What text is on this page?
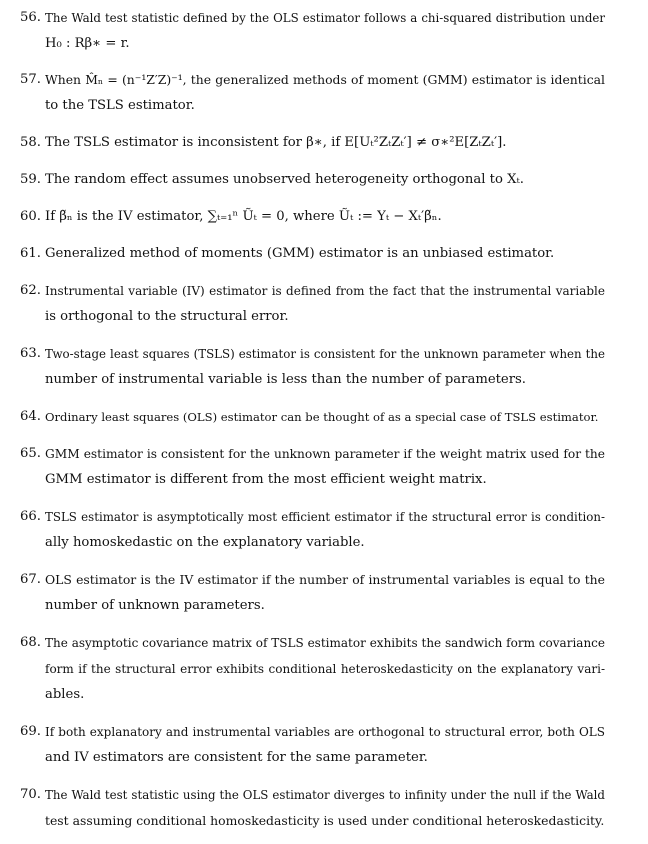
56. The Wald test statistic defined by the OLS estimator follows a chi-squared distribution under
H₀ : Rβ∗ = r.
57. When M̂ₙ = (n⁻¹Z′Z)⁻¹, the generalized methods of moment (GMM) estimator is identical
to the TSLS estimator.
58. The TSLS estimator is inconsistent for β∗, if E[Uₜ²ZₜZₜ′] ≠ σ∗²E[ZₜZₜ′].
59. The random effect assumes unobserved heterogeneity orthogonal to Xₜ.
60. If β̃ₙ is the IV estimator, ∑ₜ₌₁ⁿ Ũₜ = 0, where Ũₜ := Yₜ − Xₜ′β̃ₙ.
61. Generalized method of moments (GMM) estimator is an unbiased estimator.
62. Instrumental variable (IV) estimator is defined from the fact that the instrumental variable
is orthogonal to the structural error.
63. Two-stage least squares (TSLS) estimator is consistent for the unknown parameter when the
number of instrumental variable is less than the number of parameters.
64. Ordinary least squares (OLS) estimator can be thought of as a special case of TSLS estimator.
65. GMM estimator is consistent for the unknown parameter if the weight matrix used for the
GMM estimator is different from the most efficient weight matrix.
66. TSLS estimator is asymptotically most efficient estimator if the structural error is condition-
ally homoskedastic on the explanatory variable.
67. OLS estimator is the IV estimator if the number of instrumental variables is equal to the
number of unknown parameters.
68. The asymptotic covariance matrix of TSLS estimator exhibits the sandwich form covariance
form if the structural error exhibits conditional heteroskedasticity on the explanatory vari-
ables.
69. If both explanatory and instrumental variables are orthogonal to structural error, both OLS
and IV estimators are consistent for the same parameter.
70. The Wald test statistic using the OLS estimator diverges to infinity under the null if the Wald
test assuming conditional homoskedasticity is used under conditional heteroskedasticity.
